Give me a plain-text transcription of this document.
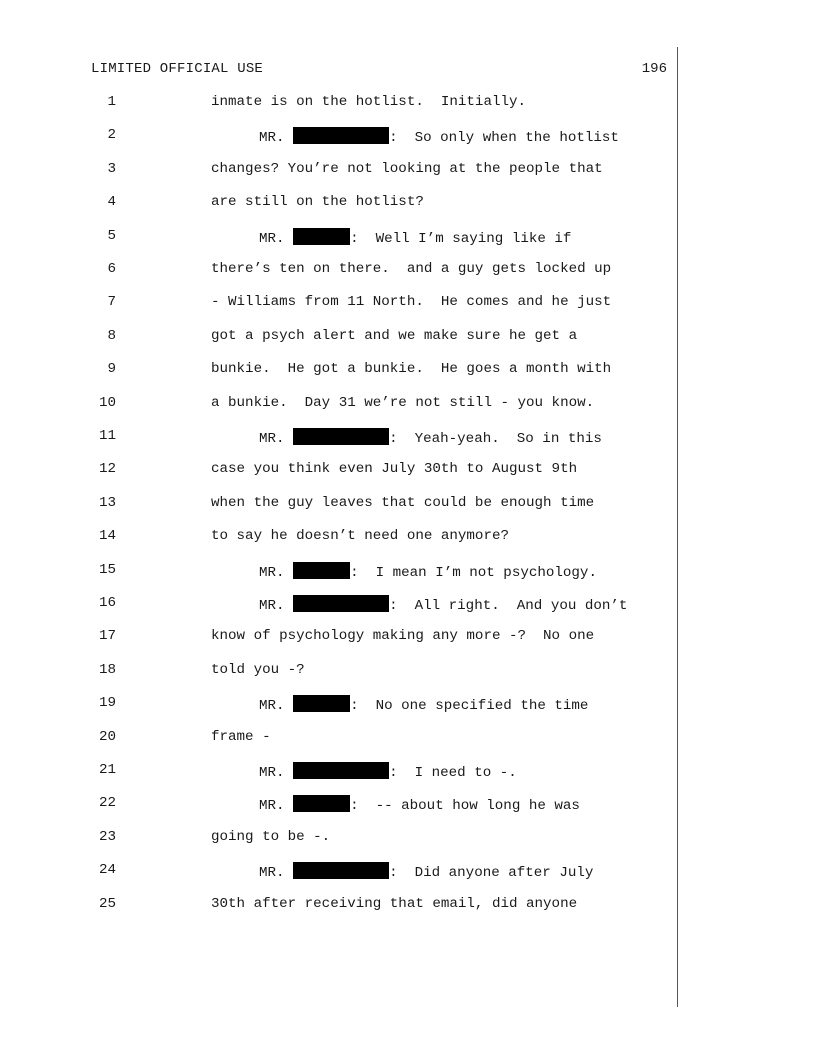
LIMITED OFFICIAL USE	196
1	inmate is on the hotlist.  Initially.
2	MR.	:  So only when the hotlist
3	changes? You’re not looking at the people that
4	are still on the hotlist?
5	MR.	:  Well I’m saying like if
6	there’s ten on there.  and a guy gets locked up
7	- Williams from 11 North.  He comes and he just
8	got a psych alert and we make sure he get a
9	bunkie.  He got a bunkie.  He goes a month with
10	a bunkie.  Day 31 we’re not still - you know.
11	MR.	:  Yeah-yeah.  So in this
12	case you think even July 30th to August 9th
13	when the guy leaves that could be enough time
14	to say he doesn’t need one anymore?
15	MR.	:  I mean I’m not psychology.
16	MR.	:  All right.  And you don’t
17	know of psychology making any more -?  No one
18	told you -?
19	MR.	:  No one specified the time
20	frame -
21	MR.	:  I need to -.
22	MR.	:  -- about how long he was
23	going to be -.
24	MR.	:  Did anyone after July
25	30th after receiving that email, did anyone
